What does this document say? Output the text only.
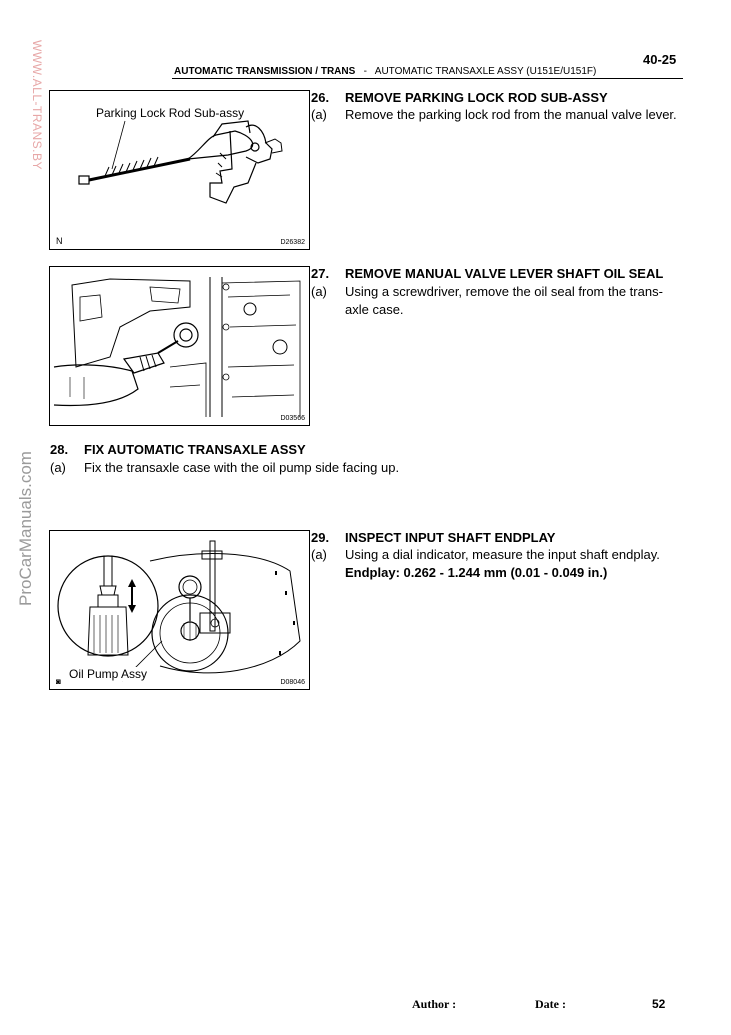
40-25
AUTOMATIC TRANSMISSION / TRANS - AUTOMATIC TRANSAXLE ASSY (U151E/U151F)
WWW.ALL-TRANS.BY
ProCarManuals.com
Parking Lock Rod Sub-assy
N	D26382
D03566
Oil Pump Assy
◙	D08046
26. REMOVE PARKING LOCK ROD SUB-ASSY
(a) Remove the parking lock rod from the manual valve lever.
27. REMOVE MANUAL VALVE LEVER SHAFT OIL SEAL
(a) Using a screwdriver, remove the oil seal from the trans-
axle case.
28. FIX AUTOMATIC TRANSAXLE ASSY
(a) Fix the transaxle case with the oil pump side facing up.
29. INSPECT INPUT SHAFT ENDPLAY
(a) Using a dial indicator, measure the input shaft endplay.
Endplay: 0.262 - 1.244 mm (0.01 - 0.049 in.)
Author :	Date :	52
